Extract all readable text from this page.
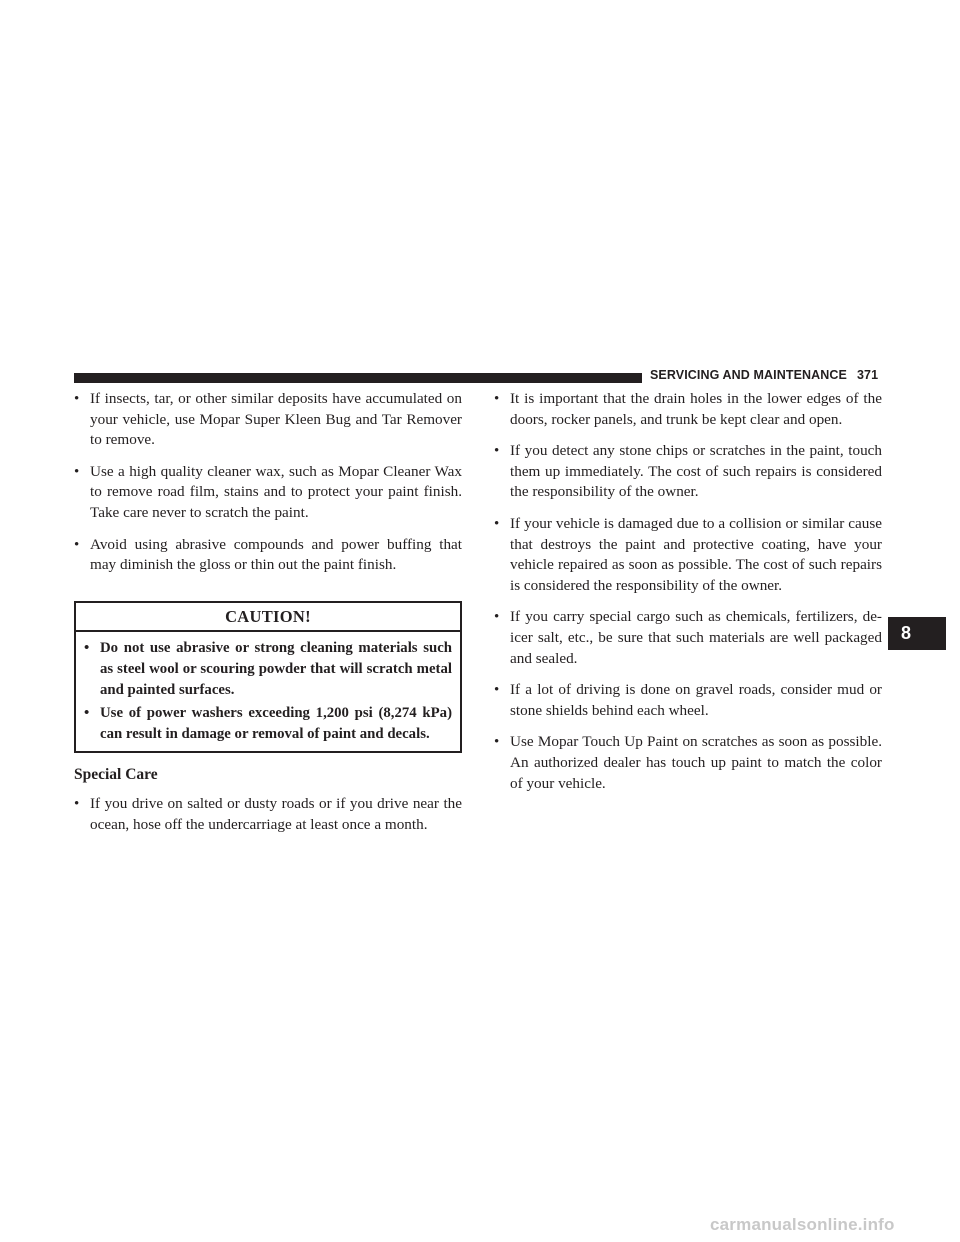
SERVICING AND MAINTENANCE 371
• If insects, tar, or other similar deposits have accumulated on your vehicle, use Mopar Super Kleen Bug and Tar Remover to remove.
• Use a high quality cleaner wax, such as Mopar Cleaner Wax to remove road film, stains and to protect your paint finish. Take care never to scratch the paint.
• Avoid using abrasive compounds and power buffing that may diminish the gloss or thin out the paint finish.
CAUTION!
• Do not use abrasive or strong cleaning materials such as steel wool or scouring powder that will scratch metal and painted surfaces.
• Use of power washers exceeding 1,200 psi (8,274 kPa) can result in damage or removal of paint and decals.
Special Care
• If you drive on salted or dusty roads or if you drive near the ocean, hose off the undercarriage at least once a month.
• It is important that the drain holes in the lower edges of the doors, rocker panels, and trunk be kept clear and open.
• If you detect any stone chips or scratches in the paint, touch them up immediately. The cost of such repairs is considered the responsibility of the owner.
• If your vehicle is damaged due to a collision or similar cause that destroys the paint and protective coating, have your vehicle repaired as soon as possible. The cost of such repairs is considered the responsibility of the owner.
• If you carry special cargo such as chemicals, fertilizers, de-icer salt, etc., be sure that such materials are well packaged and sealed.
• If a lot of driving is done on gravel roads, consider mud or stone shields behind each wheel.
• Use Mopar Touch Up Paint on scratches as soon as possible. An authorized dealer has touch up paint to match the color of your vehicle.
8
carmanualsonline.info
